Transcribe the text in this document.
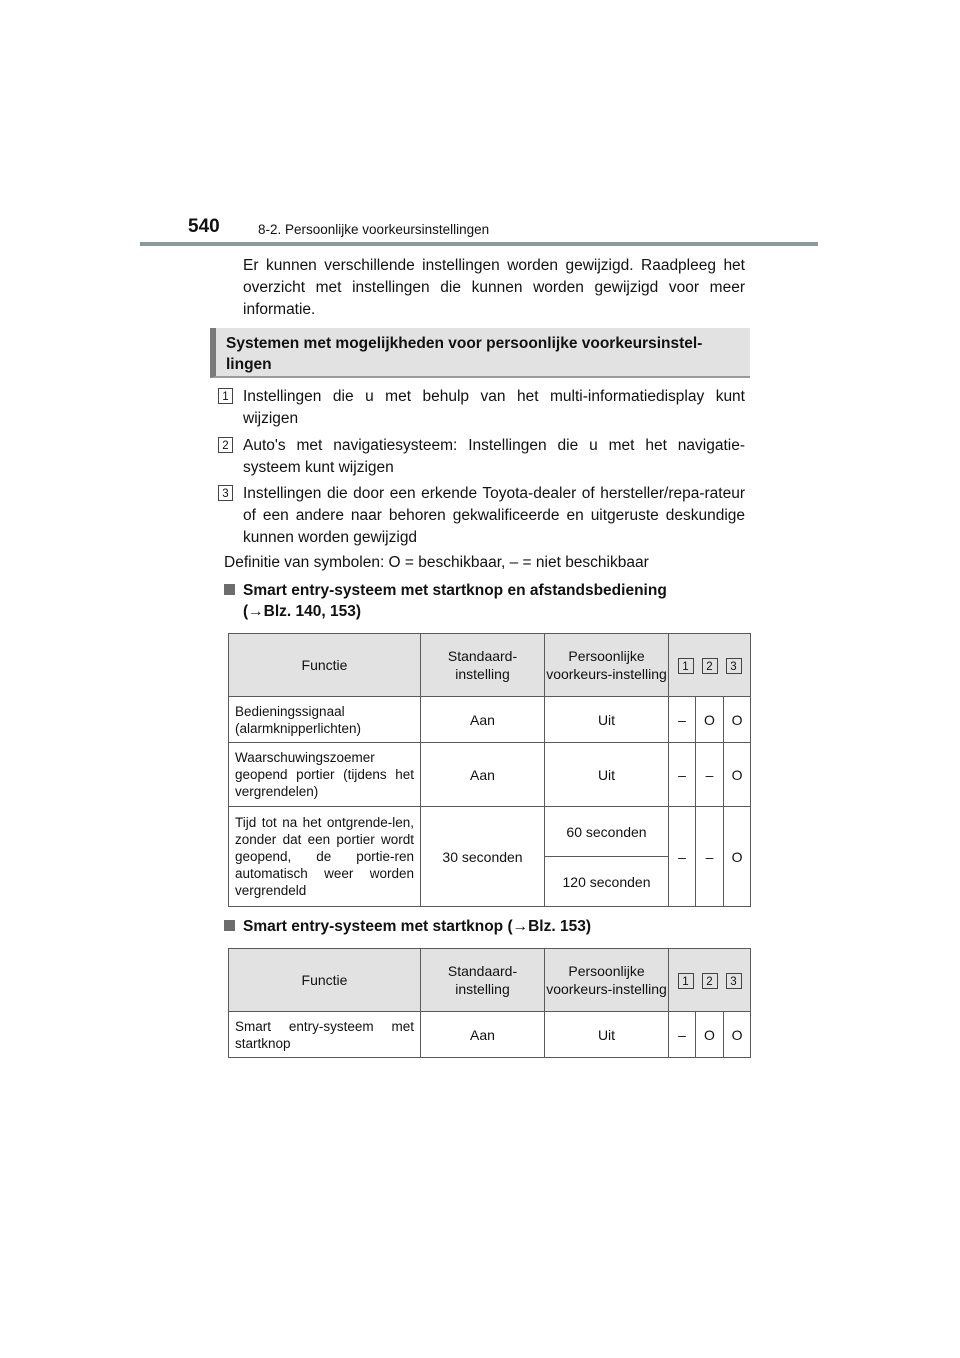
540	8-2. Persoonlijke voorkeursinstellingen
Er kunnen verschillende instellingen worden gewijzigd. Raadpleeg het overzicht met instellingen die kunnen worden gewijzigd voor meer informatie.
Systemen met mogelijkheden voor persoonlijke voorkeursinstel-lingen
1 Instellingen die u met behulp van het multi-informatiedisplay kunt wijzigen
2 Auto's met navigatiesysteem: Instellingen die u met het navigatie-systeem kunt wijzigen
3 Instellingen die door een erkende Toyota-dealer of hersteller/repa-rateur of een andere naar behoren gekwalificeerde en uitgeruste deskundige kunnen worden gewijzigd
Definitie van symbolen: O = beschikbaar, – = niet beschikbaar
Smart entry-systeem met startknop en afstandsbediening
(→Blz. 140, 153)
Functie	Standaard-instelling	Persoonlijke voorkeurs-instelling	1 2 3		
Bedieningssignaal (alarmknipperlichten)	Aan	Uit	–	O	O
Waarschuwingszoemer geopend portier (tijdens het vergrendelen)	Aan	Uit	–	–	O
Tijd tot na het ontgrende-len, zonder dat een portier wordt geopend, de portie-ren automatisch weer worden vergrendeld	30 seconden	60 seconden	–	–	O
		120 seconden			
Smart entry-systeem met startknop (→Blz. 153)
Functie	Standaard-instelling	Persoonlijke voorkeurs-instelling	1 2 3		
Smart entry-systeem met startknop	Aan	Uit	–	O	O
